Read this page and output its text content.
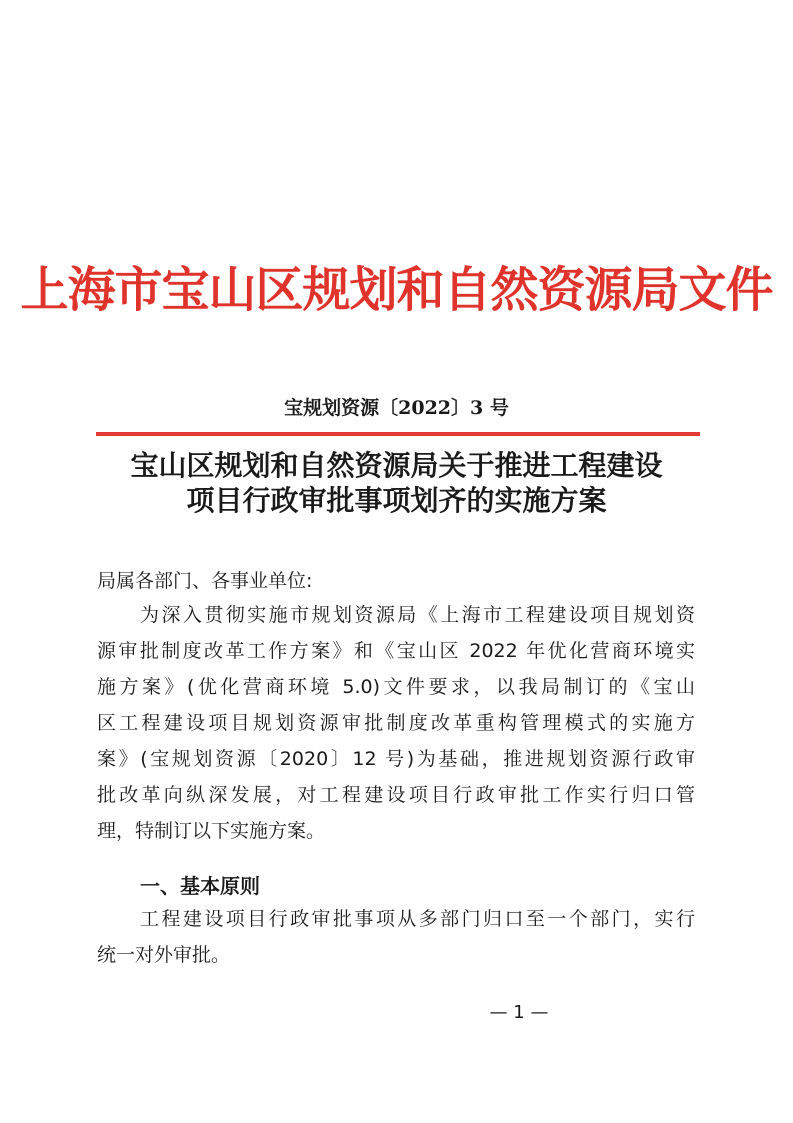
上海市宝山区规划和自然资源局文件
宝规划资源〔2022〕3 号
宝山区规划和自然资源局关于推进工程建设
项目行政审批事项划齐的实施方案
局属各部门、各事业单位:
为深入贯彻实施市规划资源局《上海市工程建设项目规划资
源审批制度改革工作方案》和《宝山区 2022 年优化营商环境实
施方案》(优化营商环境 5.0)文件要求，以我局制订的《宝山
区工程建设项目规划资源审批制度改革重构管理模式的实施方
案》(宝规划资源〔2020〕12 号)为基础，推进规划资源行政审
批改革向纵深发展，对工程建设项目行政审批工作实行归口管
理，特制订以下实施方案。
一、基本原则
工程建设项目行政审批事项从多部门归口至一个部门，实行
统一对外审批。
— 1 —
